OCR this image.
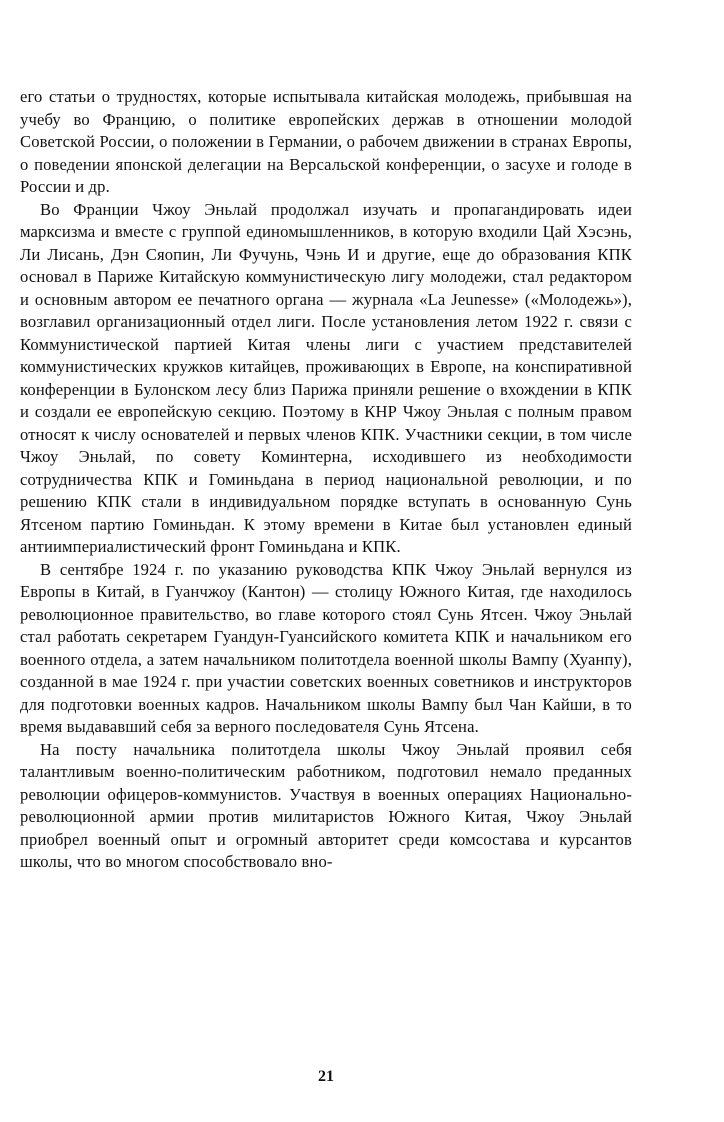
его статьи о трудностях, которые испытывала китайская молодежь, прибывшая на учебу во Францию, о политике европейских держав в отношении молодой Советской России, о положении в Германии, о рабочем движении в странах Европы, о поведении японской делегации на Версальской конференции, о засухе и голоде в России и др.

Во Франции Чжоу Эньлай продолжал изучать и пропагандировать идеи марксизма и вместе с группой единомышленников, в которую входили Цай Хэсэнь, Ли Лисань, Дэн Сяопин, Ли Фучунь, Чэнь И и другие, еще до образования КПК основал в Париже Китайскую коммунистическую лигу молодежи, стал редактором и основным автором ее печатного органа — журнала «La Jeunesse» («Молодежь»), возглавил организационный отдел лиги. После установления летом 1922 г. связи с Коммунистической партией Китая члены лиги с участием представителей коммунистических кружков китайцев, проживающих в Европе, на конспиративной конференции в Булонском лесу близ Парижа приняли решение о вхождении в КПК и создали ее европейскую секцию. Поэтому в КНР Чжоу Эньлая с полным правом относят к числу основателей и первых членов КПК. Участники секции, в том числе Чжоу Эньлай, по совету Коминтерна, исходившего из необходимости сотрудничества КПК и Гоминьдана в период национальной революции, и по решению КПК стали в индивидуальном порядке вступать в основанную Сунь Ятсеном партию Гоминьдан. К этому времени в Китае был установлен единый антиимпериалистический фронт Гоминьдана и КПК.

В сентябре 1924 г. по указанию руководства КПК Чжоу Эньлай вернулся из Европы в Китай, в Гуанчжоу (Кантон) — столицу Южного Китая, где находилось революционное правительство, во главе которого стоял Сунь Ятсен. Чжоу Эньлай стал работать секретарем Гуандун-Гуансийского комитета КПК и начальником его военного отдела, а затем начальником политотдела военной школы Вампу (Хуанпу), созданной в мае 1924 г. при участии советских военных советников и инструкторов для подготовки военных кадров. Начальником школы Вампу был Чан Кайши, в то время выдававший себя за верного последователя Сунь Ятсена.

На посту начальника политотдела школы Чжоу Эньлай проявил себя талантливым военно-политическим работником, подготовил немало преданных революции офицеров-коммунистов. Участвуя в военных операциях Национально-революционной армии против милитаристов Южного Китая, Чжоу Эньлай приобрел военный опыт и огромный авторитет среди комсостава и курсантов школы, что во многом способствовало вно-

21
